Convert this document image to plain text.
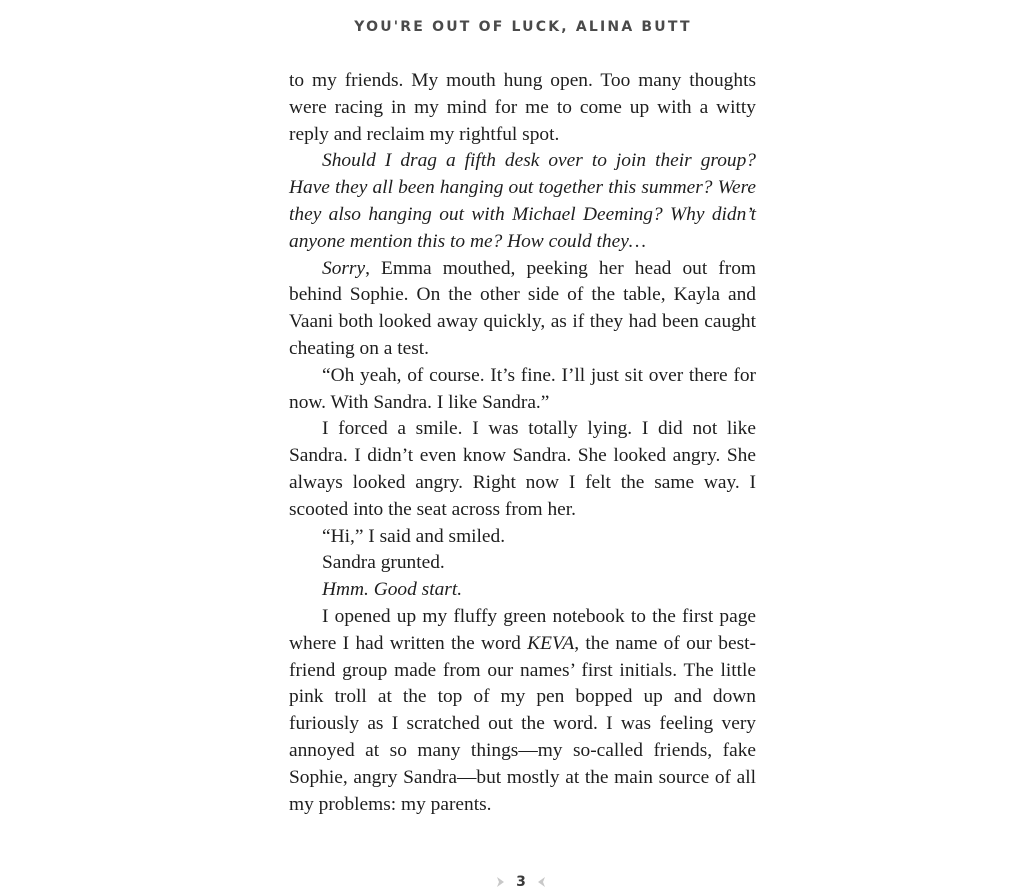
YOU'RE OUT OF LUCK, ALINA BUTT

to my friends. My mouth hung open. Too many thoughts were racing in my mind for me to come up with a witty reply and reclaim my rightful spot.

Should I drag a fifth desk over to join their group? Have they all been hanging out together this summer? Were they also hanging out with Michael Deeming? Why didn’t anyone mention this to me? How could they…

Sorry, Emma mouthed, peeking her head out from behind Sophie. On the other side of the table, Kayla and Vaani both looked away quickly, as if they had been caught cheating on a test.

“Oh yeah, of course. It’s fine. I’ll just sit over there for now. With Sandra. I like Sandra.”

I forced a smile. I was totally lying. I did not like Sandra. I didn’t even know Sandra. She looked angry. She always looked angry. Right now I felt the same way. I scooted into the seat across from her.

“Hi,” I said and smiled.

Sandra grunted.

Hmm. Good start.

I opened up my fluffy green notebook to the first page where I had written the word KEVA, the name of our best-friend group made from our names’ first initials. The little pink troll at the top of my pen bopped up and down furiously as I scratched out the word. I was feeling very annoyed at so many things—my so-called friends, fake Sophie, angry Sandra—but mostly at the main source of all my problems: my parents.

3
